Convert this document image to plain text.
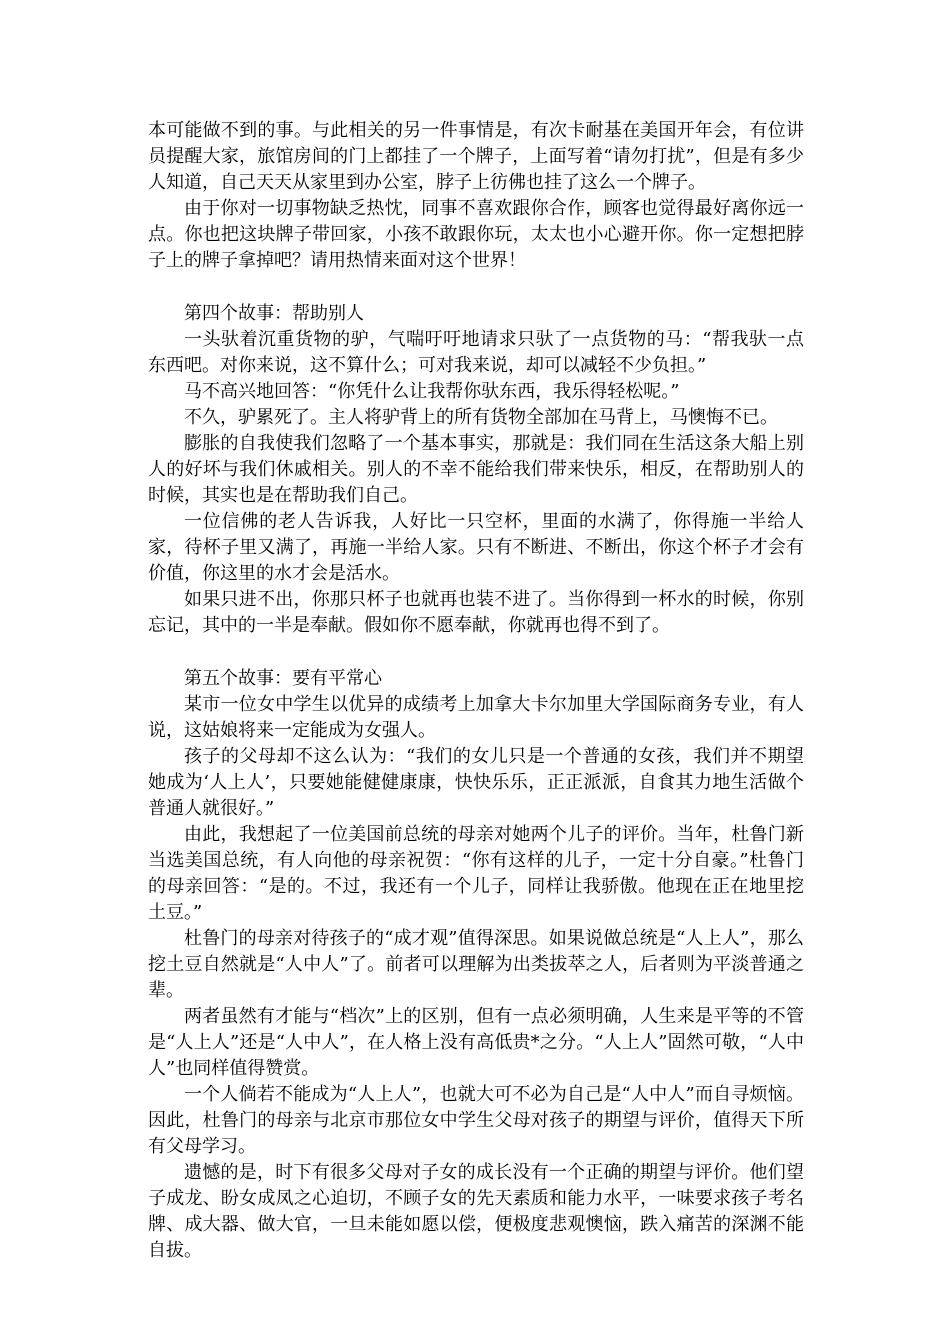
本可能做不到的事。与此相关的另一件事情是，有次卡耐基在美国开年会，有位讲员提醒大家，旅馆房间的门上都挂了一个牌子，上面写着“请勿打扰”，但是有多少人知道，自己天天从家里到办公室，脖子上彷佛也挂了这么一个牌子。

由于你对一切事物缺乏热忱，同事不喜欢跟你合作，顾客也觉得最好离你远一点。你也把这块牌子带回家，小孩不敢跟你玩，太太也小心避开你。你一定想把脖子上的牌子拿掉吧？请用热情来面对这个世界！

第四个故事：帮助别人

一头驮着沉重货物的驴，气喘吁吁地请求只驮了一点货物的马：“帮我驮一点东西吧。对你来说，这不算什么；可对我来说，却可以减轻不少负担。”

马不高兴地回答：“你凭什么让我帮你驮东西，我乐得轻松呢。”

不久，驴累死了。主人将驴背上的所有货物全部加在马背上，马懊悔不已。

膨胀的自我使我们忽略了一个基本事实，那就是：我们同在生活这条大船上别人的好坏与我们休戚相关。别人的不幸不能给我们带来快乐，相反，在帮助别人的时候，其实也是在帮助我们自己。

一位信佛的老人告诉我，人好比一只空杯，里面的水满了，你得施一半给人家，待杯子里又满了，再施一半给人家。只有不断进、不断出，你这个杯子才会有价值，你这里的水才会是活水。

如果只进不出，你那只杯子也就再也装不进了。当你得到一杯水的时候，你别忘记，其中的一半是奉献。假如你不愿奉献，你就再也得不到了。

第五个故事：要有平常心

某市一位女中学生以优异的成绩考上加拿大卡尔加里大学国际商务专业，有人说，这姑娘将来一定能成为女强人。

孩子的父母却不这么认为：“我们的女儿只是一个普通的女孩，我们并不期望她成为‘人上人’，只要她能健健康康，快快乐乐，正正派派，自食其力地生活做个普通人就很好。”

由此，我想起了一位美国前总统的母亲对她两个儿子的评价。当年，杜鲁门新当选美国总统，有人向他的母亲祝贺：“你有这样的儿子，一定十分自豪。”杜鲁门的母亲回答：“是的。不过，我还有一个儿子，同样让我骄傲。他现在正在地里挖土豆。”

杜鲁门的母亲对待孩子的“成才观”值得深思。如果说做总统是“人上人”，那么挖土豆自然就是“人中人”了。前者可以理解为出类拔萃之人，后者则为平淡普通之辈。

两者虽然有才能与“档次”上的区别，但有一点必须明确，人生来是平等的不管是“人上人”还是“人中人”，在人格上没有高低贵*之分。“人上人”固然可敬，“人中人”也同样值得赞赏。

一个人倘若不能成为“人上人”，也就大可不必为自己是“人中人”而自寻烦恼。因此，杜鲁门的母亲与北京市那位女中学生父母对孩子的期望与评价，值得天下所有父母学习。

遗憾的是，时下有很多父母对子女的成长没有一个正确的期望与评价。他们望子成龙、盼女成凤之心迫切，不顾子女的先天素质和能力水平，一味要求孩子考名牌、成大器、做大官，一旦未能如愿以偿，便极度悲观懊恼，跌入痛苦的深渊不能自拔。
